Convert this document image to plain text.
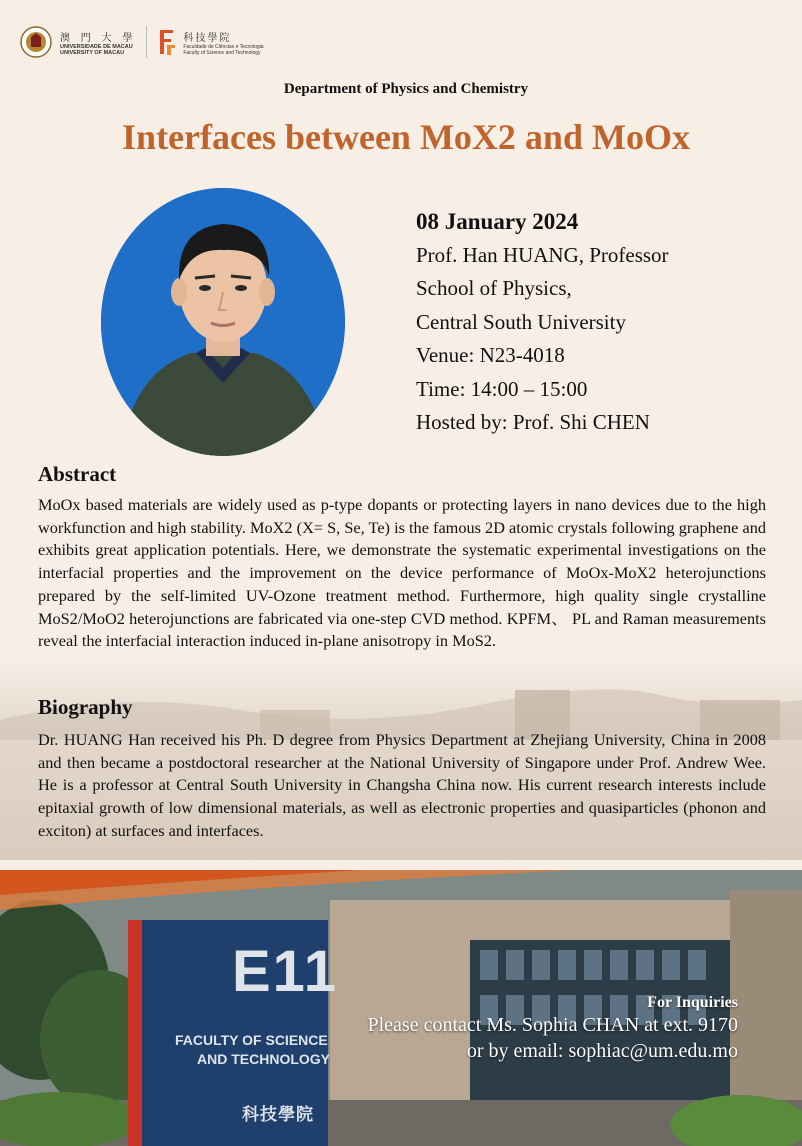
澳 門 大 學
UNIVERSIDADE DE MACAU
UNIVERSITY OF MACAU
科技學院
Faculdade de Ciências e Tecnologia
Faculty of Science and Technology
Department of Physics and Chemistry
Interfaces between MoX2 and MoOx
08 January 2024
Prof. Han HUANG, Professor
School of Physics,
Central South University
Venue: N23-4018
Time: 14:00 – 15:00
Hosted by: Prof. Shi CHEN
Abstract
MoOx based materials are widely used as p-type dopants or protecting layers in nano devices due to the high workfunction and high stability. MoX2 (X= S, Se, Te) is the famous 2D atomic crystals following graphene and exhibits great application potentials. Here, we demonstrate the systematic experimental investigations on the interfacial properties and the improvement on the device performance of MoOx-MoX2 heterojunctions prepared by the self-limited UV-Ozone treatment method. Furthermore, high quality single crystalline MoS2/MoO2 heterojunctions are fabricated via one-step CVD method. KPFM、 PL and Raman measurements reveal the interfacial interaction induced in-plane anisotropy in MoS2.
Biography
Dr. HUANG Han received his Ph. D degree from Physics Department at Zhejiang University, China in 2008 and then became a postdoctoral researcher at the National University of Singapore under Prof. Andrew Wee. He is a professor at Central South University in Changsha China now. His current research interests include epitaxial growth of low dimensional materials, as well as electronic properties and quasiparticles (phonon and exciton) at surfaces and interfaces.
E11
FACULTY OF SCIENCE
AND TECHNOLOGY
科技學院
For Inquiries
Please contact Ms. Sophia CHAN at ext. 9170
or by email: sophiac@um.edu.mo
